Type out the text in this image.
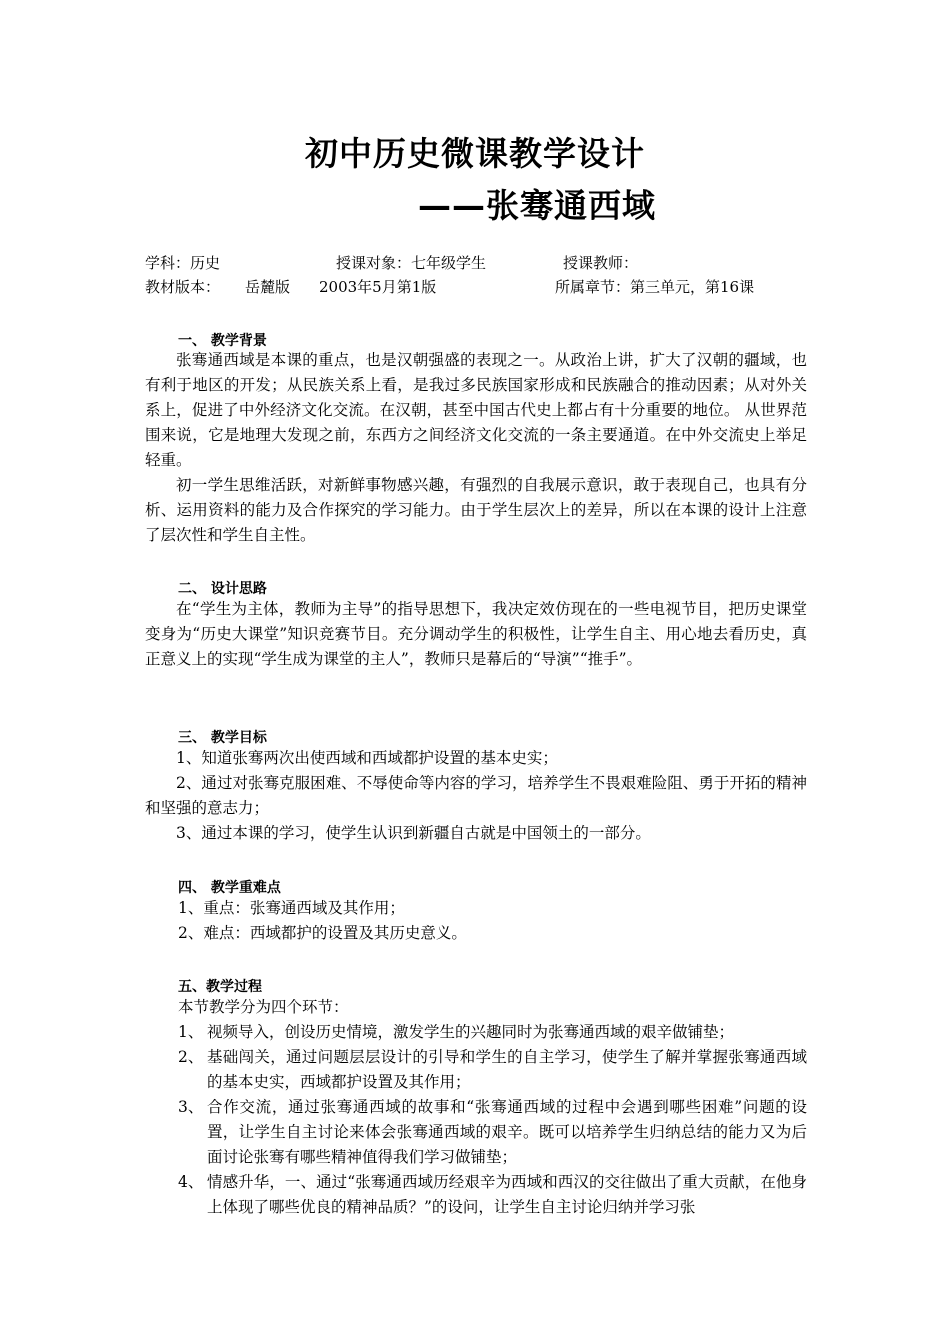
初中历史微课教学设计
——张骞通西域
学科：历史	授课对象：七年级学生	授课教师：
教材版本： 岳麓版 2003年5月第1版	所属章节：第三单元，第16课
一、 教学背景

张骞通西域是本课的重点，也是汉朝强盛的表现之一。从政治上讲，扩大了汉朝的疆域，也有利于地区的开发；从民族关系上看，是我过多民族国家形成和民族融合的推动因素；从对外关系上，促进了中外经济文化交流。在汉朝，甚至中国古代史上都占有十分重要的地位。 从世界范围来说，它是地理大发现之前，东西方之间经济文化交流的一条主要通道。在中外交流史上举足轻重。

初一学生思维活跃，对新鲜事物感兴趣，有强烈的自我展示意识，敢于表现自己，也具有分析、运用资料的能力及合作探究的学习能力。由于学生层次上的差异，所以在本课的设计上注意了层次性和学生自主性。

二、 设计思路

在“学生为主体，教师为主导”的指导思想下，我决定效仿现在的一些电视节目，把历史课堂变身为“历史大课堂”知识竞赛节目。充分调动学生的积极性，让学生自主、用心地去看历史，真正意义上的实现“学生成为课堂的主人”，教师只是幕后的“导演”“推手”。

三、 教学目标

1、知道张骞两次出使西域和西域都护设置的基本史实；

2、通过对张骞克服困难、不辱使命等内容的学习，培养学生不畏艰难险阻、勇于开拓的精神和坚强的意志力；

3、通过本课的学习，使学生认识到新疆自古就是中国领土的一部分。

四、 教学重难点
1、重点：张骞通西域及其作用；
2、难点：西域都护的设置及其历史意义。
五、教学过程
本节教学分为四个环节：
1、 视频导入，创设历史情境，激发学生的兴趣同时为张骞通西域的艰辛做铺垫；
2、 基础闯关，通过问题层层设计的引导和学生的自主学习，使学生了解并掌握张骞通西域的基本史实，西域都护设置及其作用；
3、 合作交流，通过张骞通西域的故事和“张骞通西域的过程中会遇到哪些困难”问题的设置，让学生自主讨论来体会张骞通西域的艰辛。既可以培养学生归纳总结的能力又为后面讨论张骞有哪些精神值得我们学习做铺垫；
4、 情感升华，一、通过“张骞通西域历经艰辛为西域和西汉的交往做出了重大贡献，在他身上体现了哪些优良的精神品质？”的设问，让学生自主讨论归纳并学习张
